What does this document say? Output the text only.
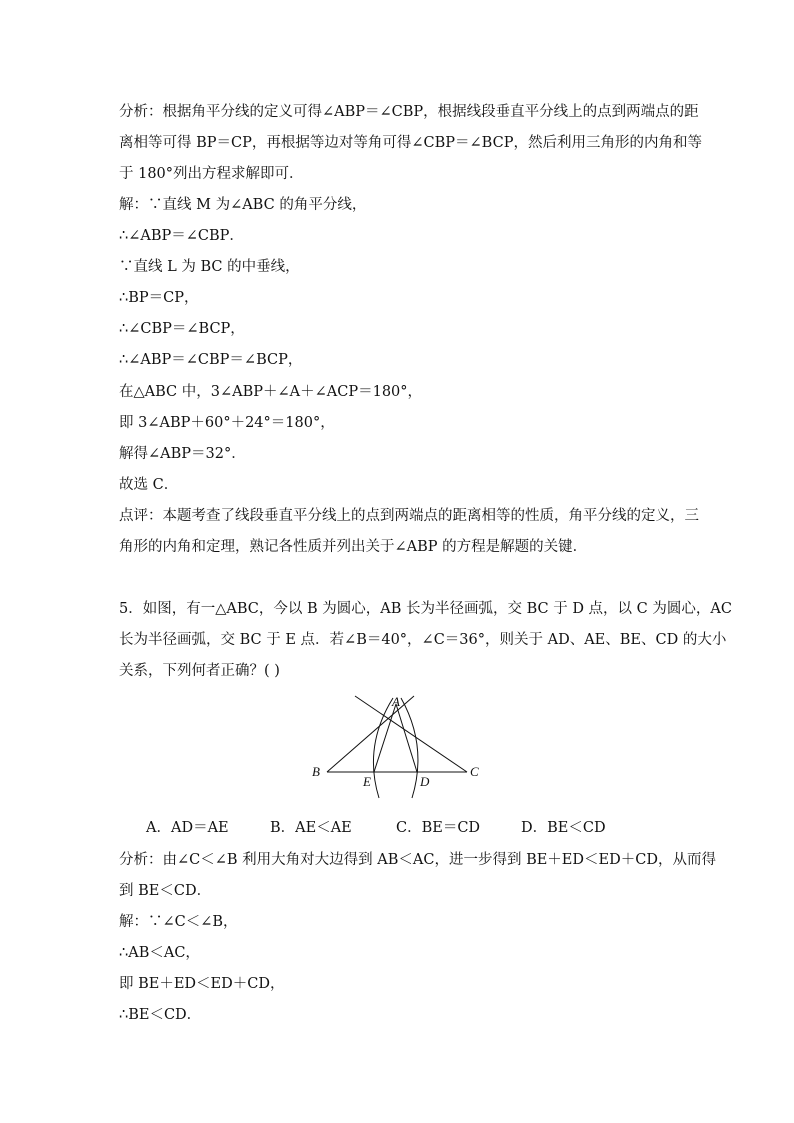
分析：根据角平分线的定义可得∠ABP＝∠CBP，根据线段垂直平分线上的点到两端点的距
离相等可得 BP＝CP，再根据等边对等角可得∠CBP＝∠BCP，然后利用三角形的内角和等
于 180°列出方程求解即可．
解：∵直线 M 为∠ABC 的角平分线，
∴∠ABP＝∠CBP．
∵直线 L 为 BC 的中垂线，
∴BP＝CP，
∴∠CBP＝∠BCP，
∴∠ABP＝∠CBP＝∠BCP，
在△ABC 中，3∠ABP＋∠A＋∠ACP＝180°，
即 3∠ABP＋60°＋24°＝180°，
解得∠ABP＝32°．
故选 C．
点评：本题考查了线段垂直平分线上的点到两端点的距离相等的性质，角平分线的定义，三
角形的内角和定理，熟记各性质并列出关于∠ABP 的方程是解题的关键．
5．如图，有一△ABC，今以 B 为圆心，AB 长为半径画弧，交 BC 于 D 点，以 C 为圆心，AC
长为半径画弧，交 BC 于 E 点．若∠B＝40°，∠C＝36°，则关于 AD、AE、BE、CD 的大小
关系，下列何者正确？( )
A
B	C
E	D
A．AD＝AE	B．AE＜AE	C．BE＝CD	D．BE＜CD
分析：由∠C＜∠B 利用大角对大边得到 AB＜AC，进一步得到 BE＋ED＜ED＋CD，从而得
到 BE＜CD．
解：∵∠C＜∠B，
∴AB＜AC，
即 BE＋ED＜ED＋CD，
∴BE＜CD．
